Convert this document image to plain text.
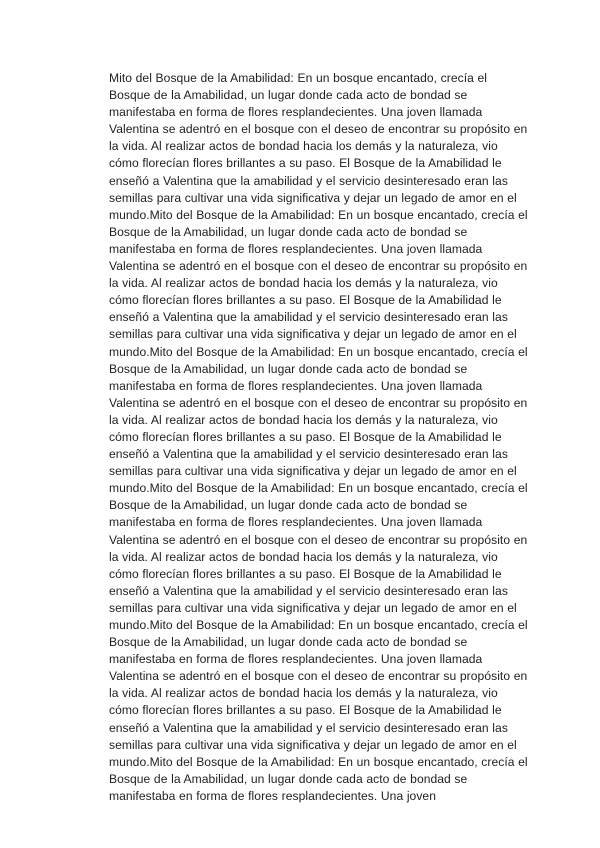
Mito del Bosque de la Amabilidad: En un bosque encantado, crecía el Bosque de la Amabilidad, un lugar donde cada acto de bondad se manifestaba en forma de flores resplandecientes. Una joven llamada Valentina se adentró en el bosque con el deseo de encontrar su propósito en la vida. Al realizar actos de bondad hacia los demás y la naturaleza, vio cómo florecían flores brillantes a su paso. El Bosque de la Amabilidad le enseñó a Valentina que la amabilidad y el servicio desinteresado eran las semillas para cultivar una vida significativa y dejar un legado de amor en el mundo.Mito del Bosque de la Amabilidad: En un bosque encantado, crecía el Bosque de la Amabilidad, un lugar donde cada acto de bondad se manifestaba en forma de flores resplandecientes. Una joven llamada Valentina se adentró en el bosque con el deseo de encontrar su propósito en la vida. Al realizar actos de bondad hacia los demás y la naturaleza, vio cómo florecían flores brillantes a su paso. El Bosque de la Amabilidad le enseñó a Valentina que la amabilidad y el servicio desinteresado eran las semillas para cultivar una vida significativa y dejar un legado de amor en el mundo.Mito del Bosque de la Amabilidad: En un bosque encantado, crecía el Bosque de la Amabilidad, un lugar donde cada acto de bondad se manifestaba en forma de flores resplandecientes. Una joven llamada Valentina se adentró en el bosque con el deseo de encontrar su propósito en la vida. Al realizar actos de bondad hacia los demás y la naturaleza, vio cómo florecían flores brillantes a su paso. El Bosque de la Amabilidad le enseñó a Valentina que la amabilidad y el servicio desinteresado eran las semillas para cultivar una vida significativa y dejar un legado de amor en el mundo.Mito del Bosque de la Amabilidad: En un bosque encantado, crecía el Bosque de la Amabilidad, un lugar donde cada acto de bondad se manifestaba en forma de flores resplandecientes. Una joven llamada Valentina se adentró en el bosque con el deseo de encontrar su propósito en la vida. Al realizar actos de bondad hacia los demás y la naturaleza, vio cómo florecían flores brillantes a su paso. El Bosque de la Amabilidad le enseñó a Valentina que la amabilidad y el servicio desinteresado eran las semillas para cultivar una vida significativa y dejar un legado de amor en el mundo.Mito del Bosque de la Amabilidad: En un bosque encantado, crecía el Bosque de la Amabilidad, un lugar donde cada acto de bondad se manifestaba en forma de flores resplandecientes. Una joven llamada Valentina se adentró en el bosque con el deseo de encontrar su propósito en la vida. Al realizar actos de bondad hacia los demás y la naturaleza, vio cómo florecían flores brillantes a su paso. El Bosque de la Amabilidad le enseñó a Valentina que la amabilidad y el servicio desinteresado eran las semillas para cultivar una vida significativa y dejar un legado de amor en el mundo.Mito del Bosque de la Amabilidad: En un bosque encantado, crecía el Bosque de la Amabilidad, un lugar donde cada acto de bondad se manifestaba en forma de flores resplandecientes. Una joven
